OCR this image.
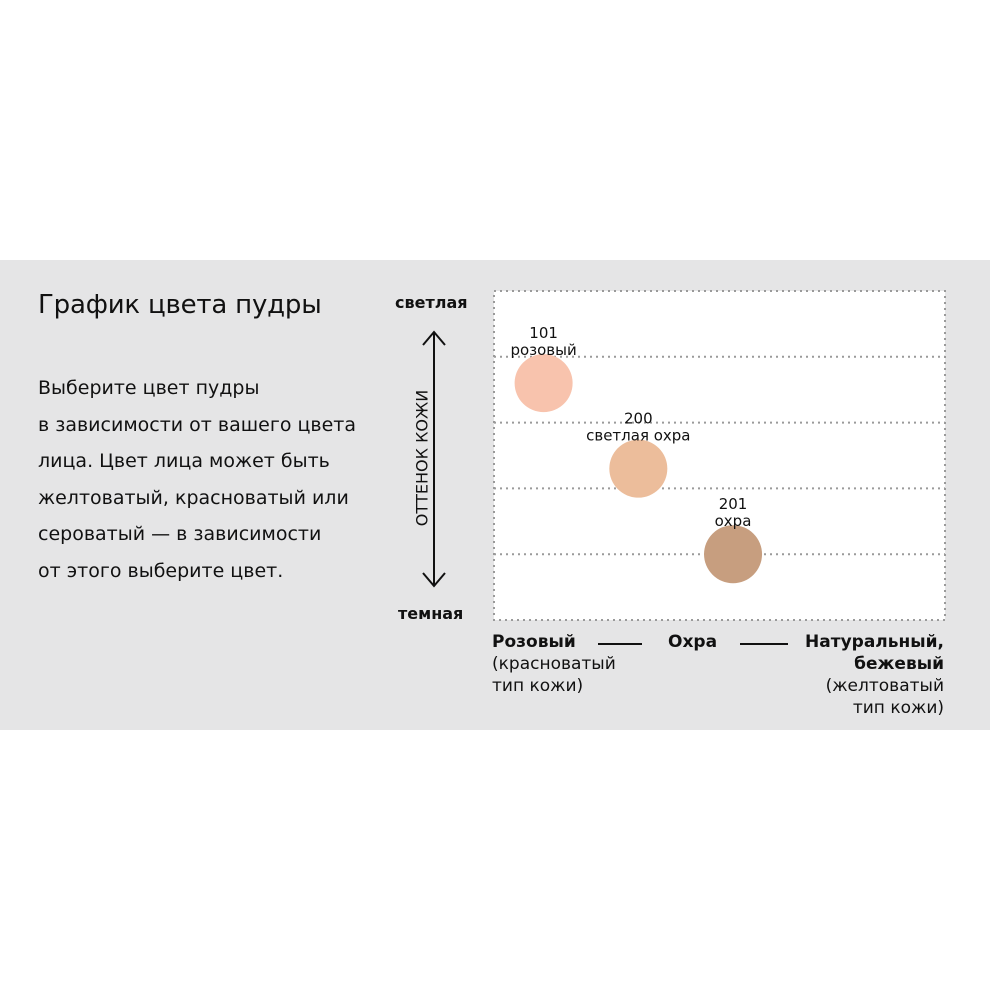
График цвета пудры
Выберите цвет пудры
в зависимости от вашего цвета
лица. Цвет лица может быть
желтоватый, красноватый или
сероватый — в зависимости
от этого выберите цвет.
светлая
темная
ОТТЕНОК КОЖИ
101
розовый
200
светлая охра
201
охра
Розовый
(красноватый
тип кожи)
Охра	Натуральный,
бежевый
(желтоватый
тип кожи)
